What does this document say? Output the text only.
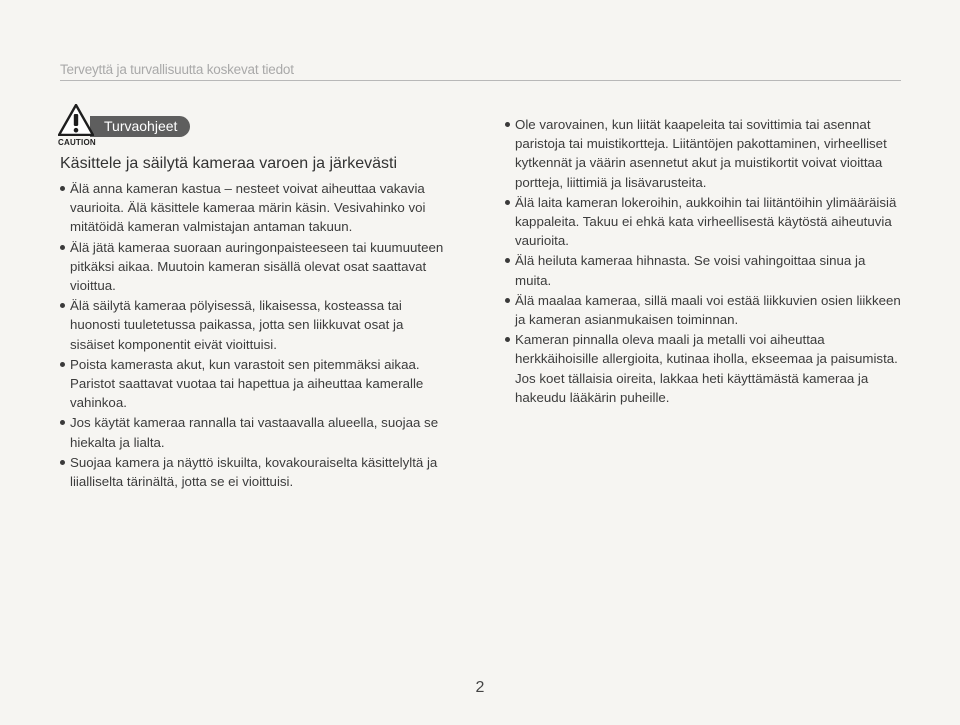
Terveyttä ja turvallisuutta koskevat tiedot
Turvaohjeet
CAUTION
Käsittele ja säilytä kameraa varoen ja järkevästi
Älä anna kameran kastua – nesteet voivat aiheuttaa vakavia vaurioita. Älä käsittele kameraa märin käsin. Vesivahinko voi mitätöidä kameran valmistajan antaman takuun.
Älä jätä kameraa suoraan auringonpaisteeseen tai kuumuuteen pitkäksi aikaa. Muutoin kameran sisällä olevat osat saattavat vioittua.
Älä säilytä kameraa pölyisessä, likaisessa, kosteassa tai huonosti tuuletetussa paikassa, jotta sen liikkuvat osat ja sisäiset komponentit eivät vioittuisi.
Poista kamerasta akut, kun varastoit sen pitemmäksi aikaa. Paristot saattavat vuotaa tai hapettua ja aiheuttaa kameralle vahinkoa.
Jos käytät kameraa rannalla tai vastaavalla alueella, suojaa se hiekalta ja lialta.
Suojaa kamera ja näyttö iskuilta, kovakouraiselta käsittelyltä ja liialliselta tärinältä, jotta se ei vioittuisi.
Ole varovainen, kun liität kaapeleita tai sovittimia tai asennat paristoja tai muistikortteja. Liitäntöjen pakottaminen, virheelliset kytkennät ja väärin asennetut akut ja muistikortit voivat vioittaa portteja, liittimiä ja lisävarusteita.
Älä laita kameran lokeroihin, aukkoihin tai liitäntöihin ylimääräisiä kappaleita. Takuu ei ehkä kata virheellisestä käytöstä aiheutuvia vaurioita.
Älä heiluta kameraa hihnasta. Se voisi vahingoittaa sinua ja muita.
Älä maalaa kameraa, sillä maali voi estää liikkuvien osien liikkeen ja kameran asianmukaisen toiminnan.
Kameran pinnalla oleva maali ja metalli voi aiheuttaa herkkäihoisille allergioita, kutinaa iholla, ekseemaa ja paisumista. Jos koet tällaisia oireita, lakkaa heti käyttämästä kameraa ja hakeudu lääkärin puheille.
2
